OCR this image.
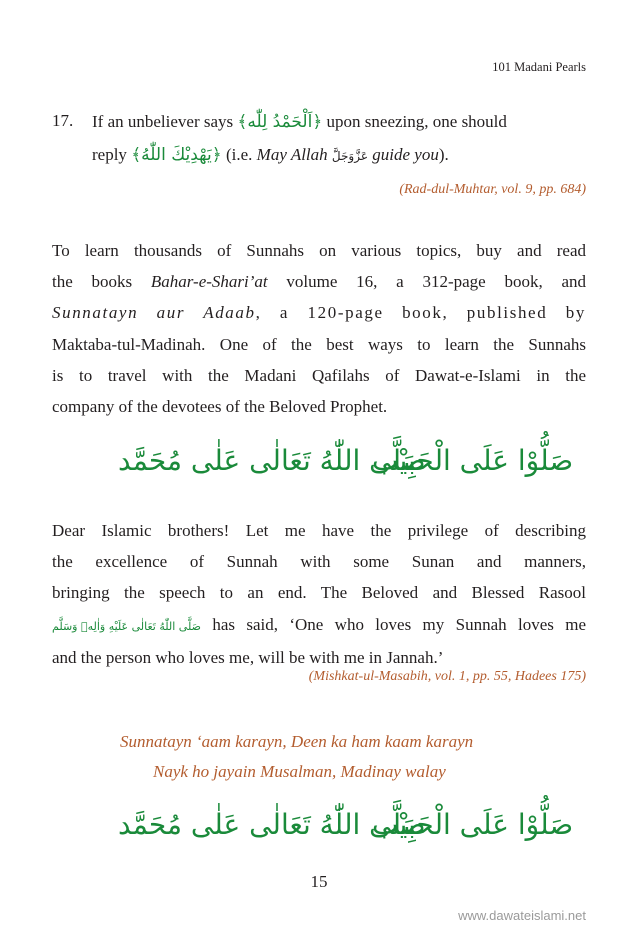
101 Madani Pearls
17. If an unbeliever says ﴾اَلْحَمْدُ لِلّٰه﴿ upon sneezing, one should
reply ﴾يَهْدِيْكَ اللّٰهُ﴿ (i.e. May Allah عَزَّوَجَلَّ guide you).
(Rad-dul-Muhtar, vol. 9, pp. 684)

To learn thousands of Sunnahs on various topics, buy and read

the books Bahar-e-Shari’at volume 16, a 312-page book, and

Sunnatayn aur Adaab, a 120-page book, published by

Maktaba-tul-Madinah. One of the best ways to learn the Sunnahs

is to travel with the Madani Qafilahs of Dawat-e-Islami in the

company of the devotees of the Beloved Prophet.

صَلَّى اللّٰهُ تَعَالٰى عَلٰى مُحَمَّد
صَلُّوْا عَلَى الْحَبِيْب

Dear Islamic brothers! Let me have the privilege of describing

the excellence of Sunnah with some Sunan and manners,

bringing the speech to an end. The Beloved and Blessed Rasool

صَلَّى اللّٰهُ تَعَالٰى عَلَيْهِ وَاٰلِهٖ وَسَلَّم has said, ‘One who loves my Sunnah loves me

and the person who loves me, will be with me in Jannah.’

(Mishkat-ul-Masabih, vol. 1, pp. 55, Hadees 175)
Sunnatayn ‘aam karayn, Deen ka ham kaam karayn
Nayk ho jayain Musalman, Madinay walay
صَلَّى اللّٰهُ تَعَالٰى عَلٰى مُحَمَّد
صَلُّوْا عَلَى الْحَبِيْب
15
www.dawateislami.net
